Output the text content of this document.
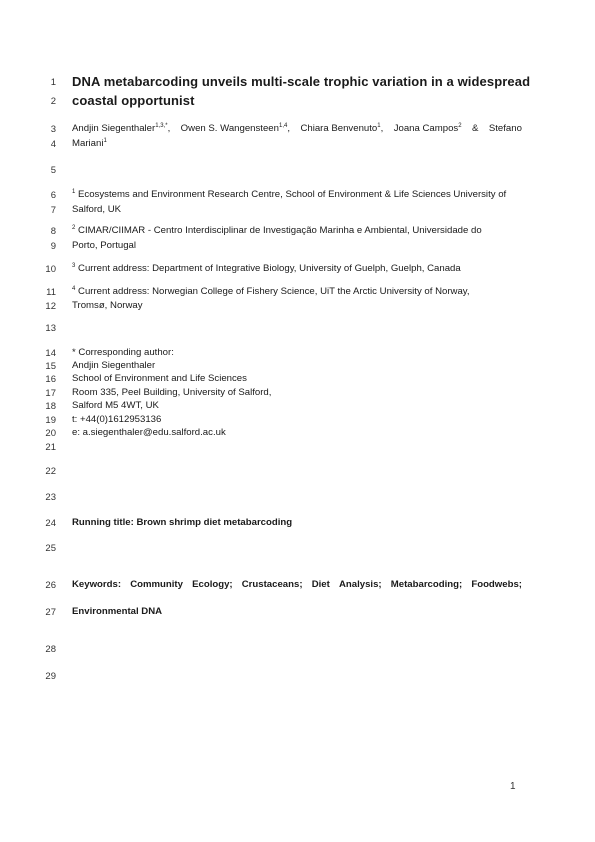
1
2
3
4
5
6
7
8
9
10
11
12
13
14
15
16
17
18
19
20
21
22
23
24
25
26
27
28
29
DNA metabarcoding unveils multi-scale trophic variation in a widespread
coastal opportunist
Andjin Siegenthaler$^{1,3,*}$, Owen S. Wangensteen$^{1,4}$, Chiara Benvenuto$^1$, Joana Campos$^2$ & Stefano
Mariani$^1$
$^1$ Ecosystems and Environment Research Centre, School of Environment & Life Sciences University of
Salford, UK
$^2$ CIMAR/CIIMAR - Centro Interdisciplinar de Investigação Marinha e Ambiental, Universidade do
Porto, Portugal
$^3$ Current address: Department of Integrative Biology, University of Guelph, Guelph, Canada
$^4$ Current address: Norwegian College of Fishery Science, UiT the Arctic University of Norway,
Tromsø, Norway
* Corresponding author:
Andjin Siegenthaler
School of Environment and Life Sciences
Room 335, Peel Building, University of Salford,
Salford M5 4WT, UK
t: +44(0)1612953136
e: a.siegenthaler@edu.salford.ac.uk
Running title: Brown shrimp diet metabarcoding
Keywords: Community Ecology; Crustaceans; Diet Analysis; Metabarcoding; Foodwebs;
Environmental DNA
1
